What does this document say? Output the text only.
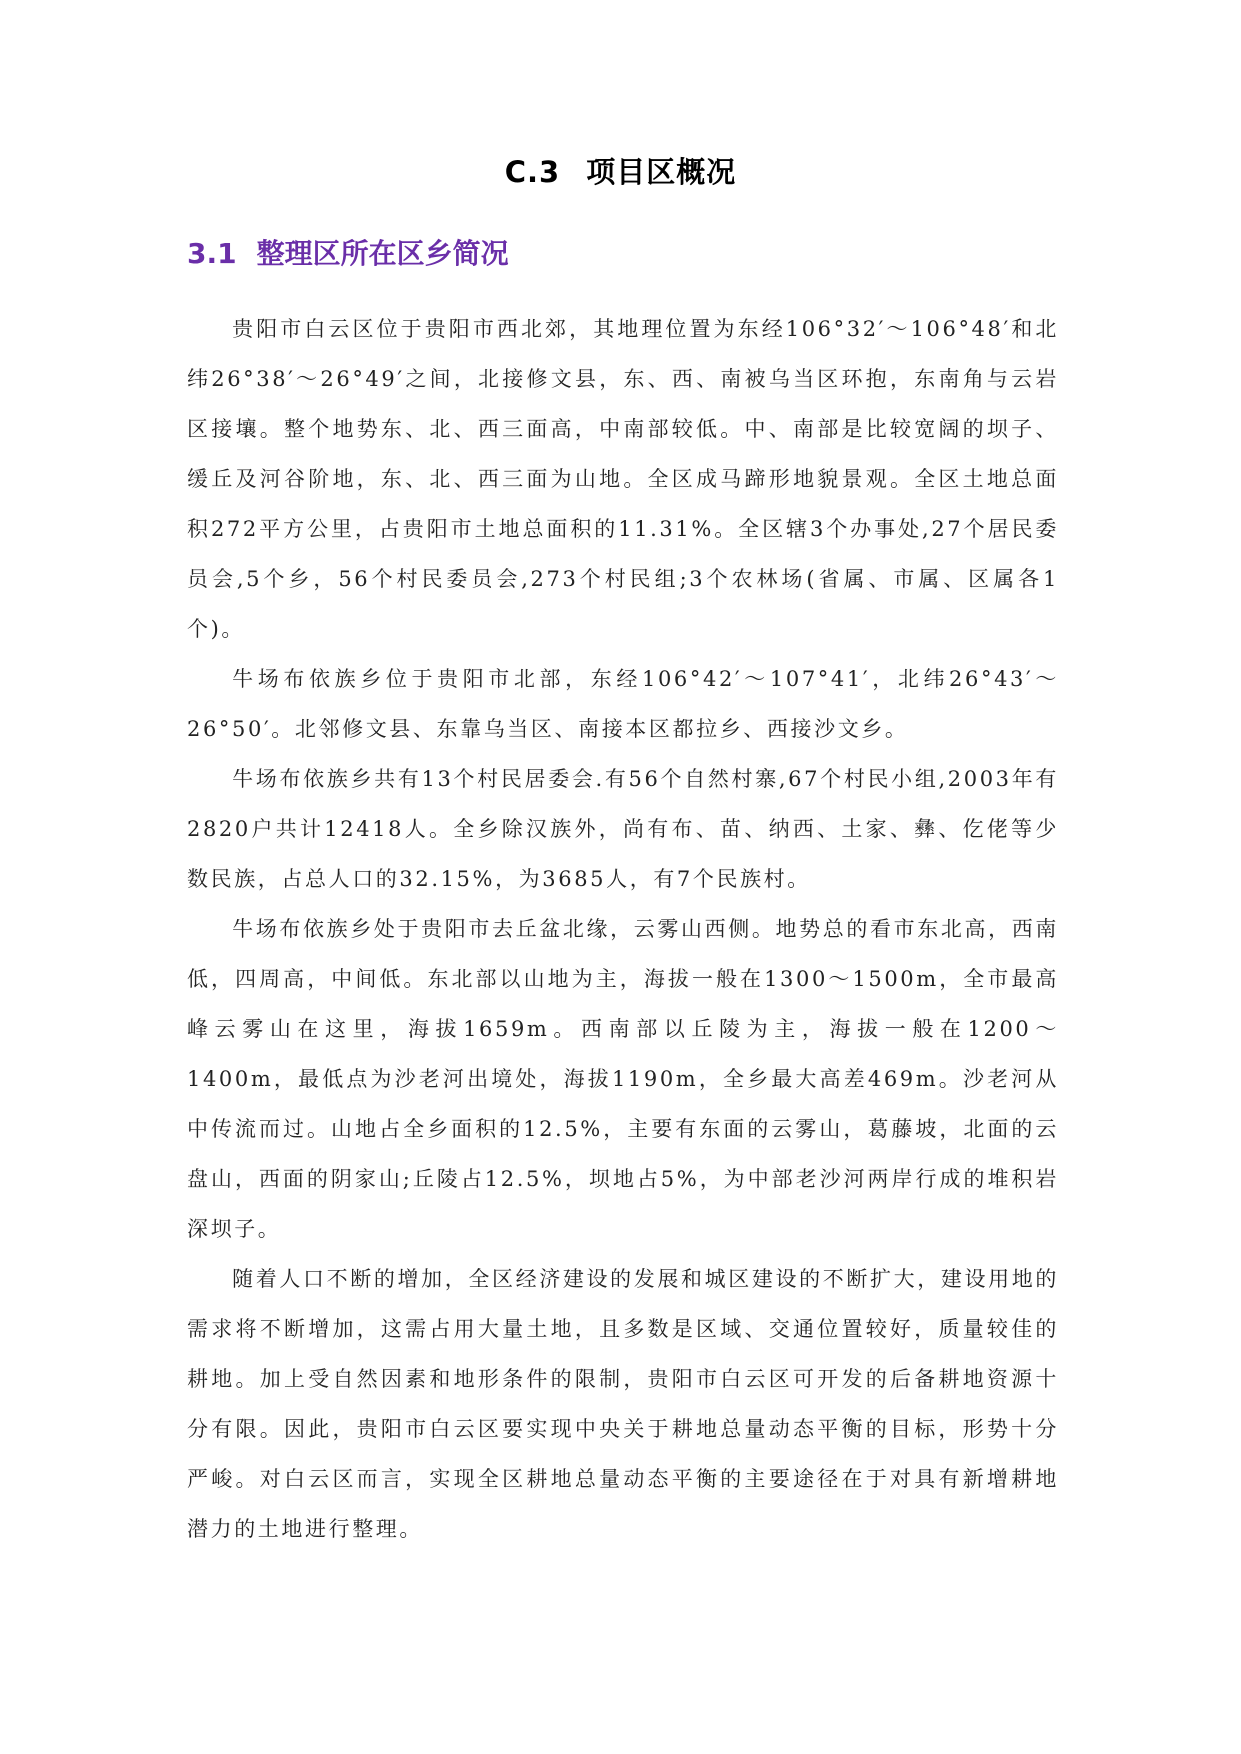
C.3 项目区概况
3.1 整理区所在区乡简况

贵阳市白云区位于贵阳市西北郊，其地理位置为东经106°32′～106°48′和北纬26°38′～26°49′之间，北接修文县，东、西、南被乌当区环抱，东南角与云岩区接壤。整个地势东、北、西三面高，中南部较低。中、南部是比较宽阔的坝子、缓丘及河谷阶地，东、北、西三面为山地。全区成马蹄形地貌景观。全区土地总面积272平方公里，占贵阳市土地总面积的11.31%。全区辖3个办事处,27个居民委员会,5个乡，56个村民委员会,273个村民组;3个农林场(省属、市属、区属各1个)。

牛场布依族乡位于贵阳市北部，东经106°42′～107°41′，北纬26°43′～26°50′。北邻修文县、东靠乌当区、南接本区都拉乡、西接沙文乡。

牛场布依族乡共有13个村民居委会.有56个自然村寨,67个村民小组,2003年有2820户共计12418人。全乡除汉族外，尚有布、苗、纳西、土家、彝、仡佬等少数民族，占总人口的32.15%，为3685人，有7个民族村。

牛场布依族乡处于贵阳市去丘盆北缘，云雾山西侧。地势总的看市东北高，西南低，四周高，中间低。东北部以山地为主，海拔一般在1300～1500m，全市最高峰云雾山在这里，海拔1659m。西南部以丘陵为主，海拔一般在1200～1400m，最低点为沙老河出境处，海拔1190m，全乡最大高差469m。沙老河从中传流而过。山地占全乡面积的12.5%，主要有东面的云雾山，葛藤坡，北面的云盘山，西面的阴家山;丘陵占12.5%，坝地占5%，为中部老沙河两岸行成的堆积岩深坝子。

随着人口不断的增加，全区经济建设的发展和城区建设的不断扩大，建设用地的需求将不断增加，这需占用大量土地，且多数是区域、交通位置较好，质量较佳的耕地。加上受自然因素和地形条件的限制，贵阳市白云区可开发的后备耕地资源十分有限。因此，贵阳市白云区要实现中央关于耕地总量动态平衡的目标，形势十分严峻。对白云区而言，实现全区耕地总量动态平衡的主要途径在于对具有新增耕地潜力的土地进行整理。
